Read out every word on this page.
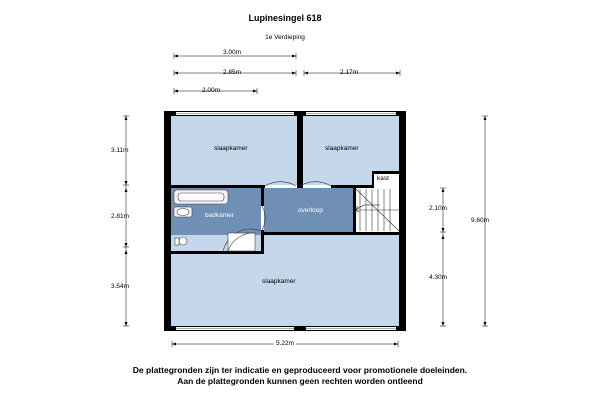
Lupinesingel 618
1e Verdieping
3.00m
2.85m	2.17m
2.00m
3.11m
2.81m
3.54m
2.10m
4.30m
9.60m
5.22m
slaapkamer	slaapkamer
kast
badkamer
overloop
slaapkamer
De plattegronden zijn ter indicatie en geproduceerd voor promotionele doeleinden.
Aan de plattegronden kunnen geen rechten worden ontleend
